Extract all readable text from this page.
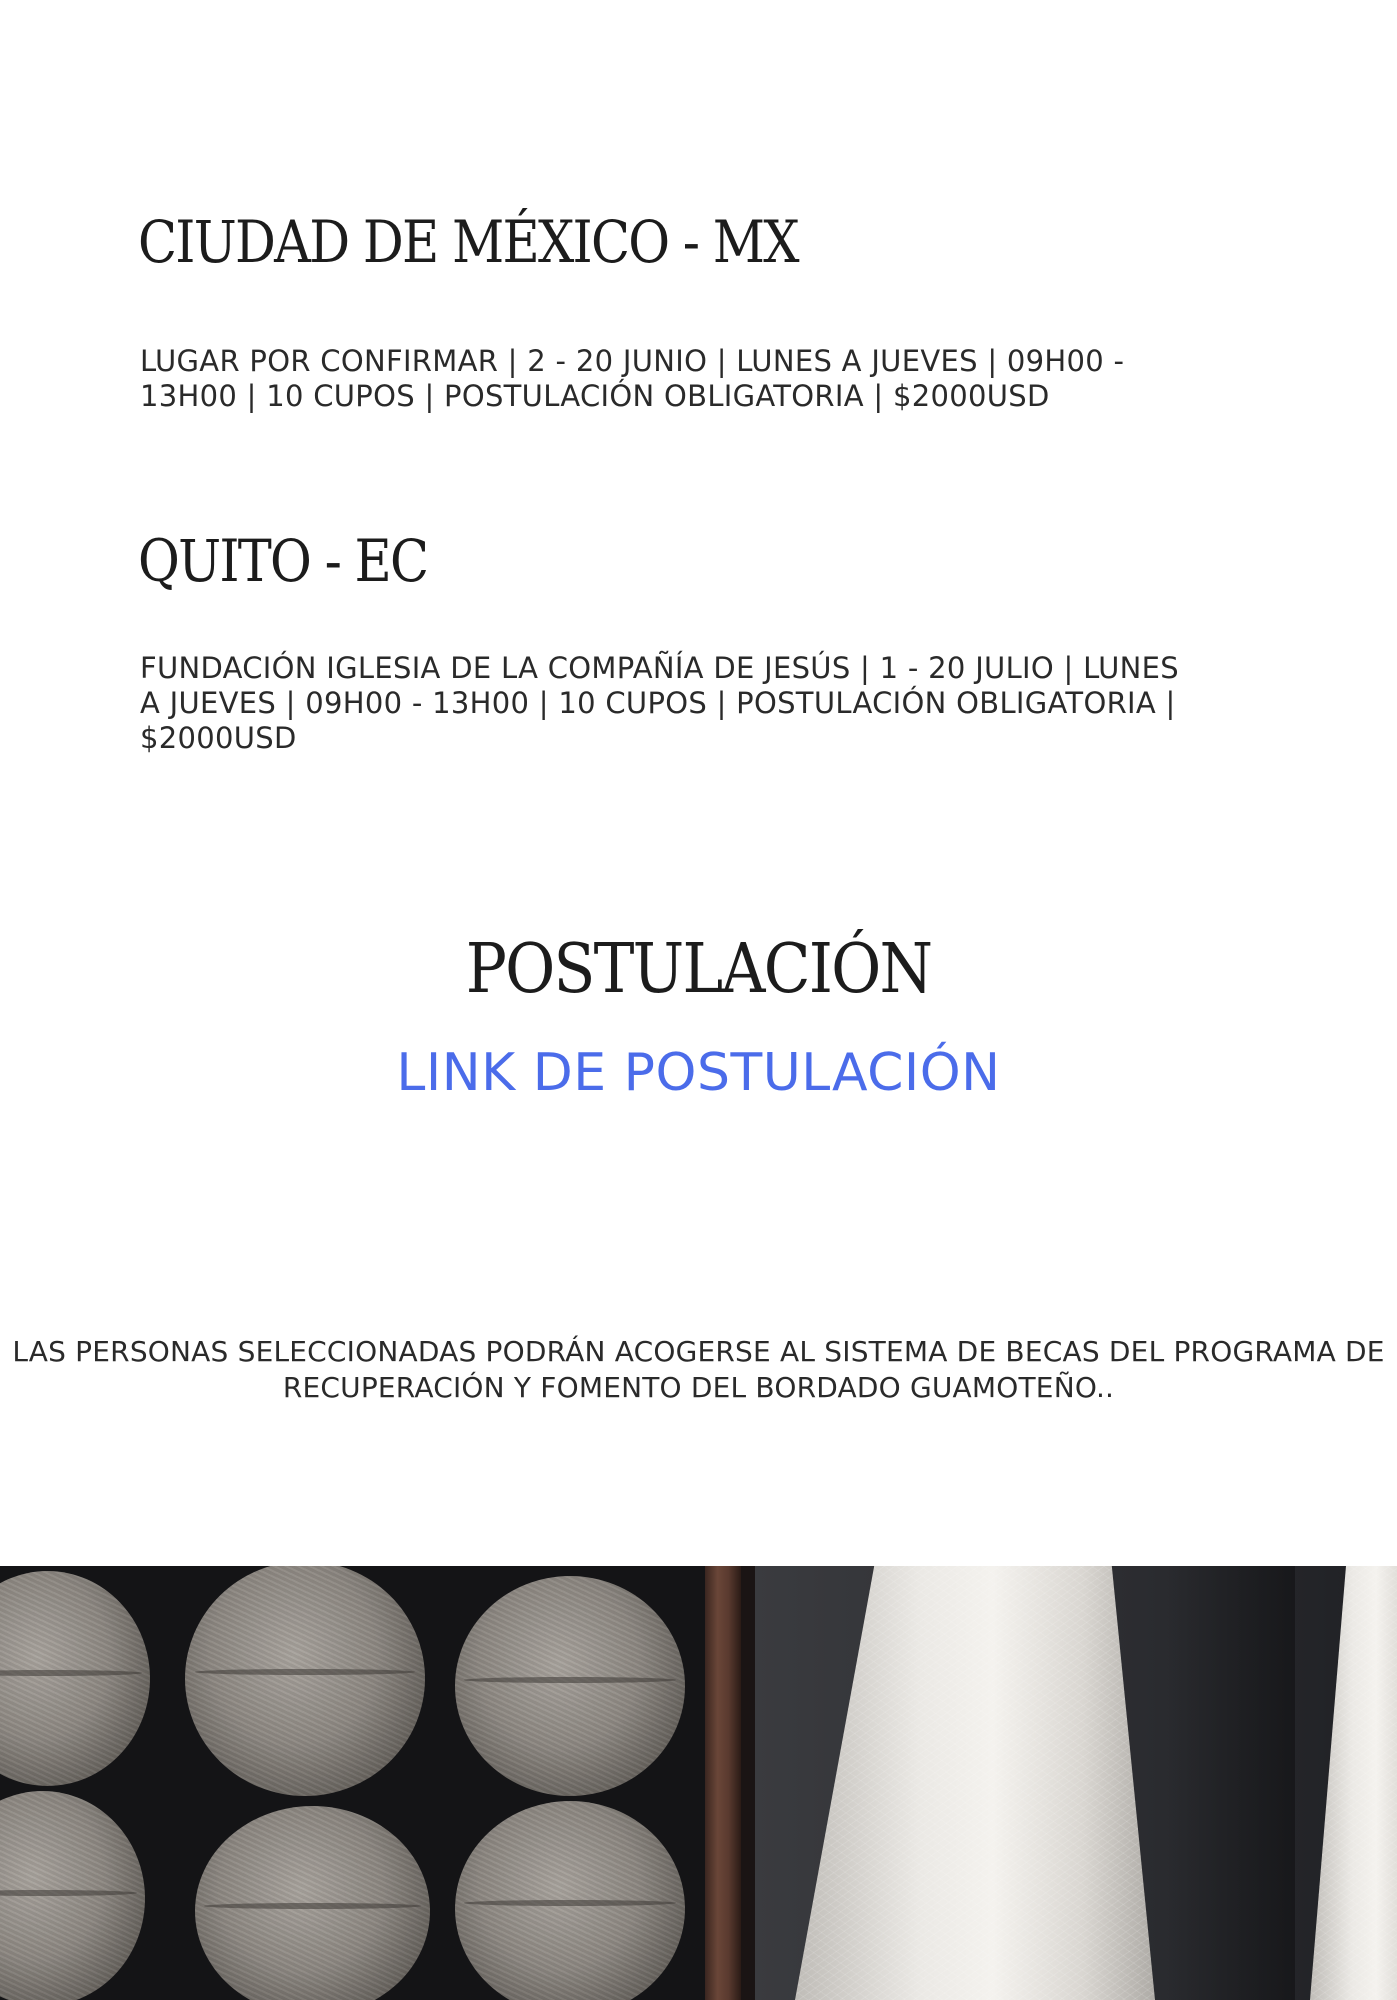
CIUDAD DE MÉXICO - MX

LUGAR POR CONFIRMAR | 2 - 20 JUNIO | LUNES A JUEVES | 09H00 - 13H00 | 10 CUPOS | POSTULACIÓN OBLIGATORIA | $2000USD

QUITO - EC

FUNDACIÓN IGLESIA DE LA COMPAÑÍA DE JESÚS | 1 - 20 JULIO | LUNES A JUEVES | 09H00 - 13H00 | 10 CUPOS | POSTULACIÓN OBLIGATORIA | $2000USD

POSTULACIÓN
LINK DE POSTULACIÓN

LAS PERSONAS SELECCIONADAS PODRÁN ACOGERSE AL SISTEMA DE BECAS DEL PROGRAMA DE RECUPERACIÓN Y FOMENTO DEL BORDADO GUAMOTEÑO..
